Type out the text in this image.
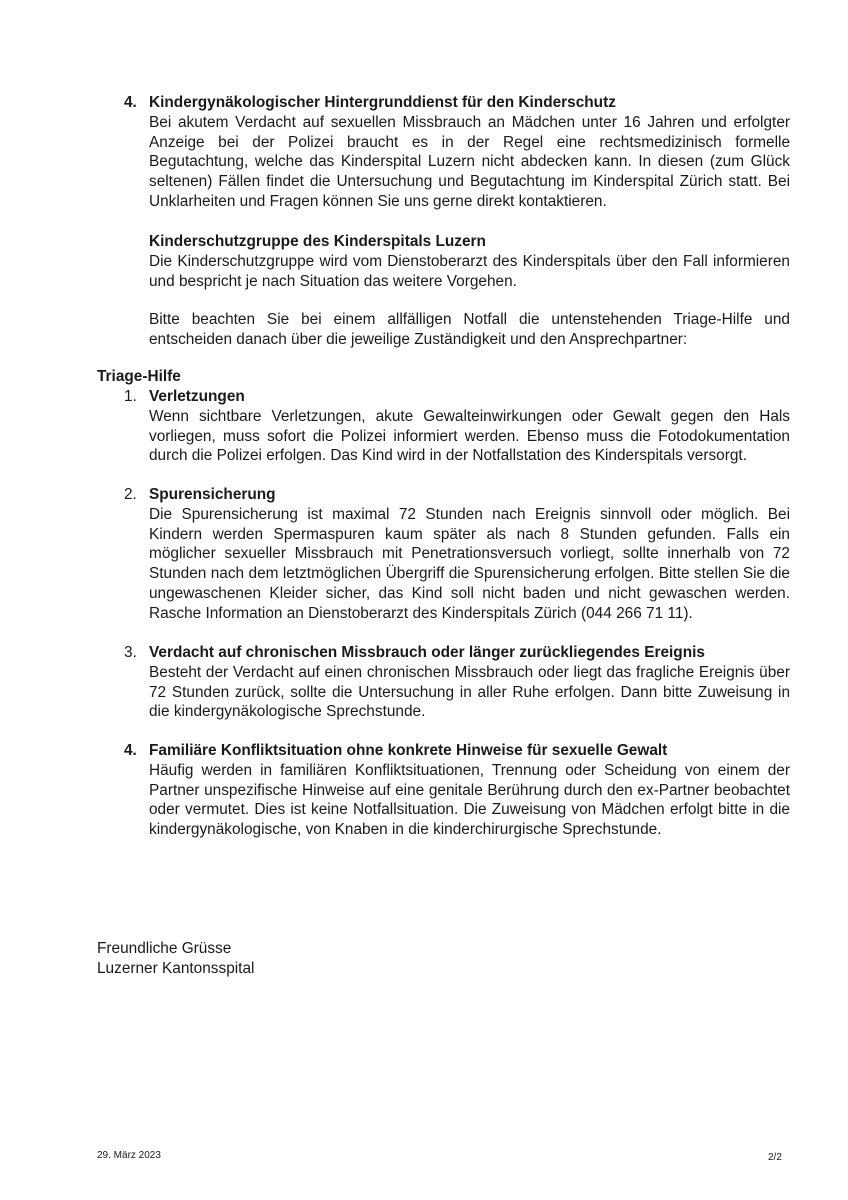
4. Kindergynäkologischer Hintergrunddienst für den Kinderschutz
Bei akutem Verdacht auf sexuellen Missbrauch an Mädchen unter 16 Jahren und erfolgter Anzeige bei der Polizei braucht es in der Regel eine rechtsmedizinisch formelle Begutachtung, welche das Kinderspital Luzern nicht abdecken kann. In diesen (zum Glück seltenen) Fällen findet die Untersuchung und Begutachtung im Kinderspital Zürich statt. Bei Unklarheiten und Fragen können Sie uns gerne direkt kontaktieren.
Kinderschutzgruppe des Kinderspitals Luzern
Die Kinderschutzgruppe wird vom Dienstoberarzt des Kinderspitals über den Fall informieren und bespricht je nach Situation das weitere Vorgehen.
Bitte beachten Sie bei einem allfälligen Notfall die untenstehenden Triage-Hilfe und entscheiden danach über die jeweilige Zuständigkeit und den Ansprechpartner:
Triage-Hilfe
1. Verletzungen
Wenn sichtbare Verletzungen, akute Gewalteinwirkungen oder Gewalt gegen den Hals vorliegen, muss sofort die Polizei informiert werden. Ebenso muss die Fotodokumentation durch die Polizei erfolgen. Das Kind wird in der Notfallstation des Kinderspitals versorgt.
2. Spurensicherung
Die Spurensicherung ist maximal 72 Stunden nach Ereignis sinnvoll oder möglich. Bei Kindern werden Spermaspuren kaum später als nach 8 Stunden gefunden. Falls ein möglicher sexueller Missbrauch mit Penetrationsversuch vorliegt, sollte innerhalb von 72 Stunden nach dem letztmöglichen Übergriff die Spurensicherung erfolgen. Bitte stellen Sie die ungewaschenen Kleider sicher, das Kind soll nicht baden und nicht gewaschen werden. Rasche Information an Dienstoberarzt des Kinderspitals Zürich (044 266 71 11).
3. Verdacht auf chronischen Missbrauch oder länger zurückliegendes Ereignis
Besteht der Verdacht auf einen chronischen Missbrauch oder liegt das fragliche Ereignis über 72 Stunden zurück, sollte die Untersuchung in aller Ruhe erfolgen. Dann bitte Zuweisung in die kindergynäkologische Sprechstunde.
4. Familiäre Konfliktsituation ohne konkrete Hinweise für sexuelle Gewalt
Häufig werden in familiären Konfliktsituationen, Trennung oder Scheidung von einem der Partner unspezifische Hinweise auf eine genitale Berührung durch den ex-Partner beobachtet oder vermutet. Dies ist keine Notfallsituation. Die Zuweisung von Mädchen erfolgt bitte in die kindergynäkologische, von Knaben in die kinderchirurgische Sprechstunde.
Freundliche Grüsse
Luzerner Kantonsspital
29. März 2023	2/2
